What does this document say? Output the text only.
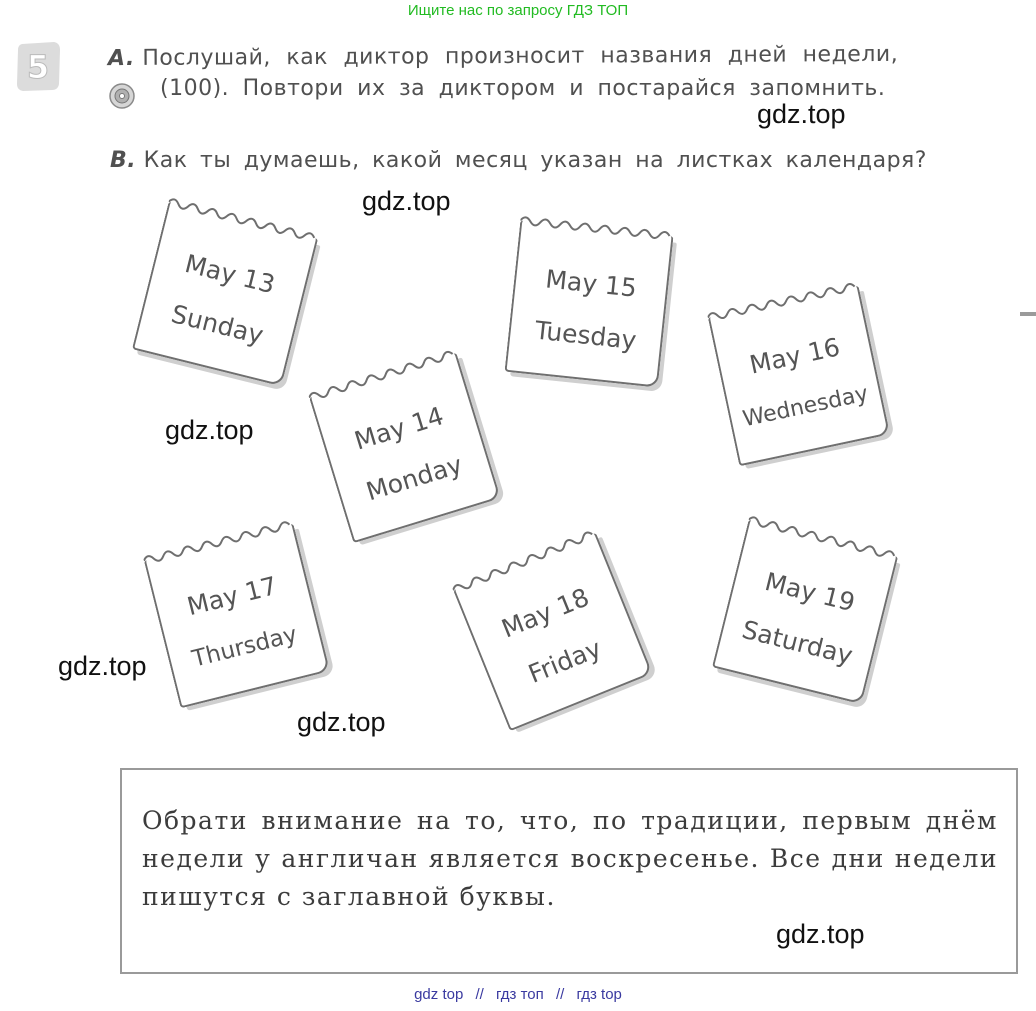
Ищите нас по запросу ГДЗ ТОП
5	A. Послушай, как диктор произносит названия дней недели,
(100). Повтори их за диктором и постарайся запомнить.
B. Как ты думаешь, какой месяц указан на листках календаря?
gdz.top
gdz.top
gdz.top
gdz.top
gdz.top
gdz.top
May 13
Sunday
May 14
Monday
May 15
Tuesday	May 16
Wednesday
May 17
Thursday
May 18
Friday
May 19
Saturday
Обрати внимание на то, что, по традиции, первым днём недели у англичан является воскресенье. Все дни недели пишутся с заглавной буквы.
gdz top // гдз топ // гдз top
